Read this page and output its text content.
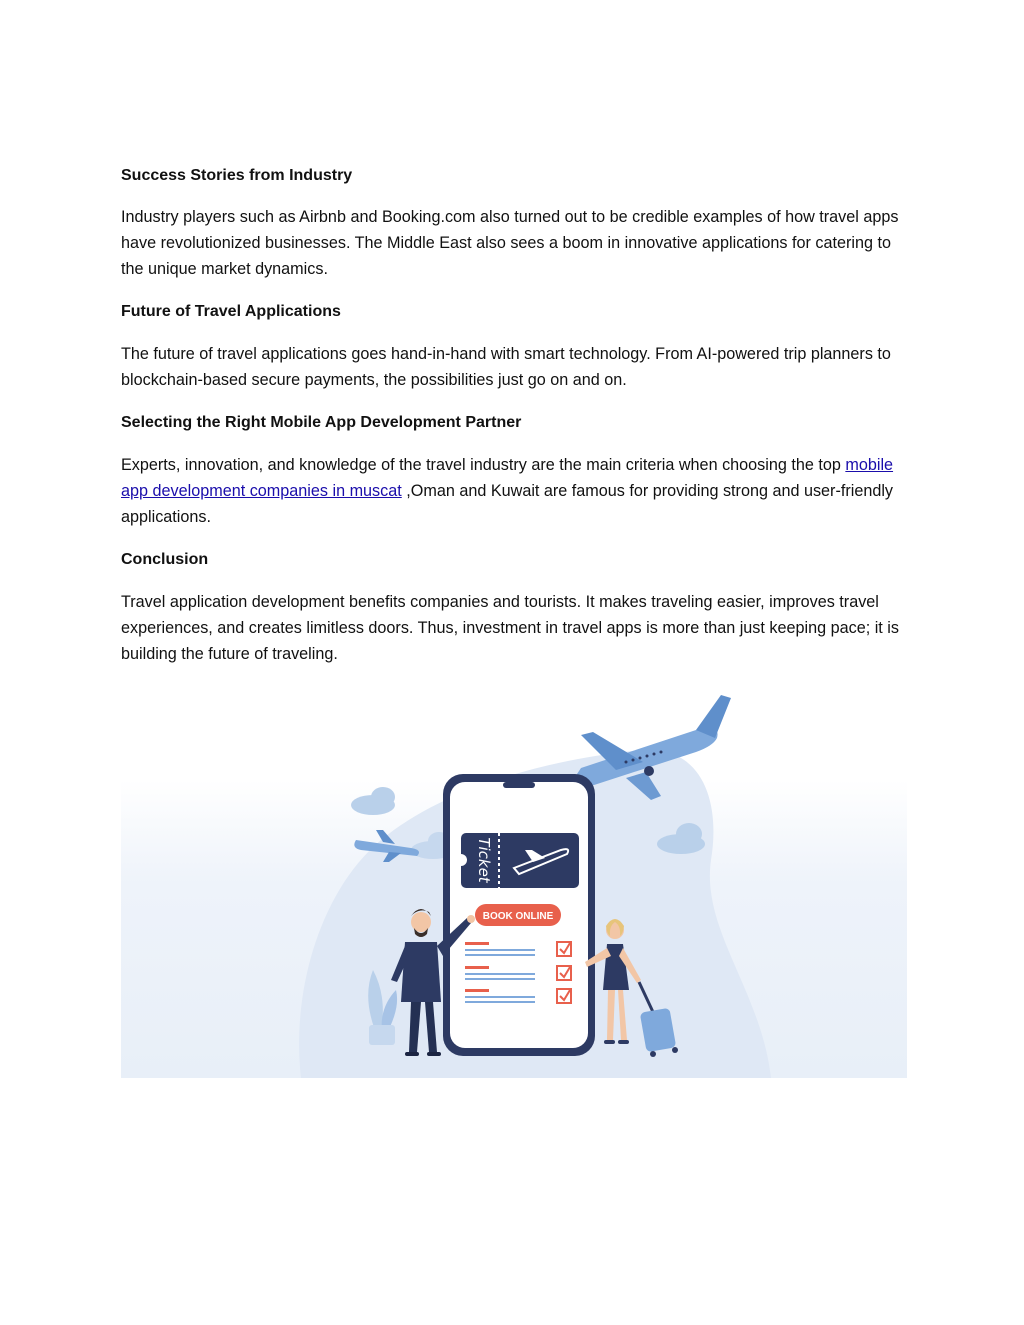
Success Stories from Industry

Industry players such as Airbnb and Booking.com also turned out to be credible examples of how travel apps have revolutionized businesses. The Middle East also sees a boom in innovative applications for catering to the unique market dynamics.

Future of Travel Applications

The future of travel applications goes hand-in-hand with smart technology. From AI-powered trip planners to blockchain-based secure payments, the possibilities just go on and on.

Selecting the Right Mobile App Development Partner

Experts, innovation, and knowledge of the travel industry are the main criteria when choosing the top mobile app development companies in muscat ,Oman and Kuwait are famous for providing strong and user-friendly applications.

Conclusion

Travel application development benefits companies and tourists. It makes traveling easier, improves travel experiences, and creates limitless doors. Thus, investment in travel apps is more than just keeping pace; it is building the future of traveling.

Ticket
BOOK ONLINE
